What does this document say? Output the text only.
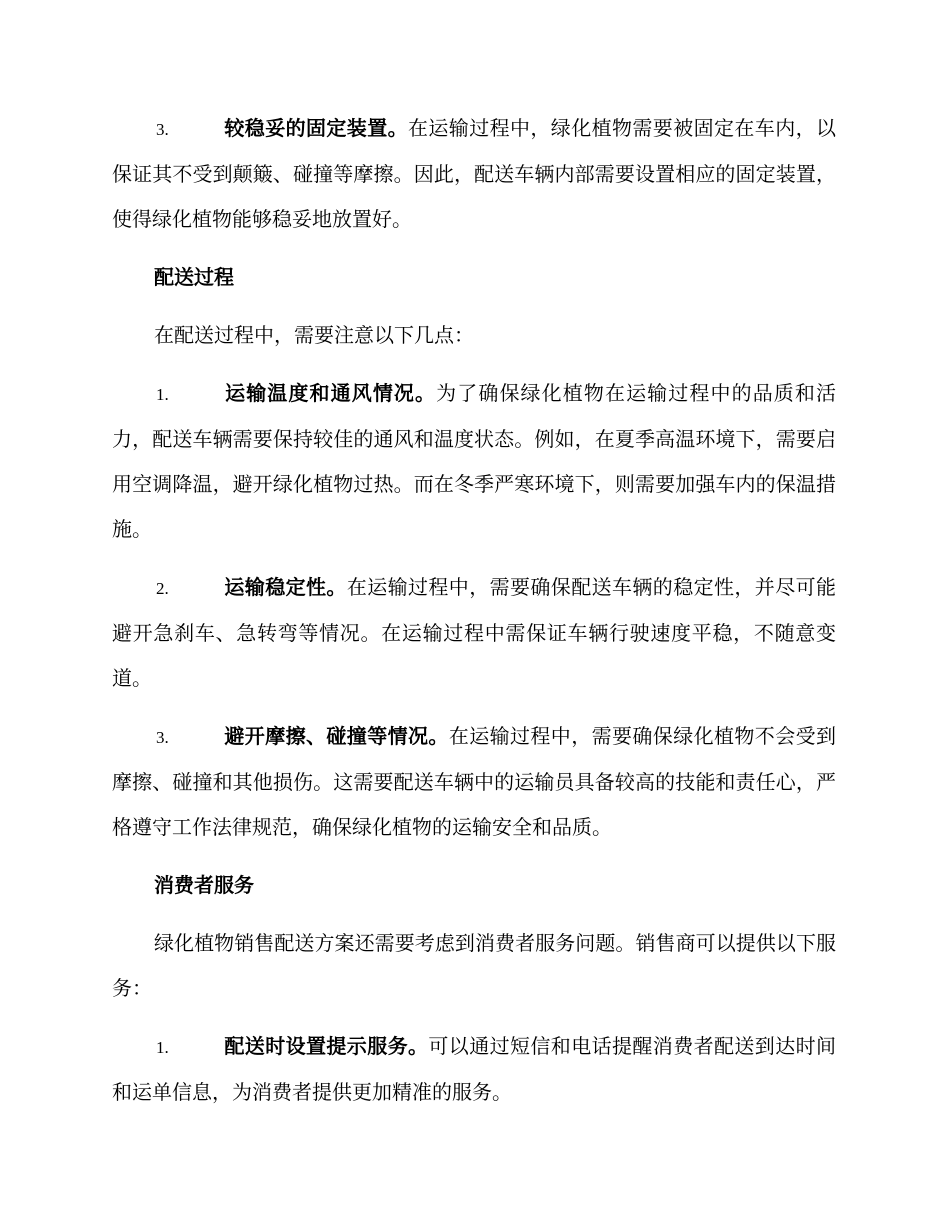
3.	较稳妥的固定装置。在运输过程中，绿化植物需要被固定在车内，以保证其不受到颠簸、碰撞等摩擦。因此，配送车辆内部需要设置相应的固定装置，使得绿化植物能够稳妥地放置好。
配送过程
在配送过程中，需要注意以下几点：
1.	运输温度和通风情况。为了确保绿化植物在运输过程中的品质和活力，配送车辆需要保持较佳的通风和温度状态。例如，在夏季高温环境下，需要启用空调降温，避开绿化植物过热。而在冬季严寒环境下，则需要加强车内的保温措施。
2.	运输稳定性。在运输过程中，需要确保配送车辆的稳定性，并尽可能避开急刹车、急转弯等情况。在运输过程中需保证车辆行驶速度平稳，不随意变道。
3.	避开摩擦、碰撞等情况。在运输过程中，需要确保绿化植物不会受到摩擦、碰撞和其他损伤。这需要配送车辆中的运输员具备较高的技能和责任心，严格遵守工作法律规范，确保绿化植物的运输安全和品质。
消费者服务
绿化植物销售配送方案还需要考虑到消费者服务问题。销售商可以提供以下服务：
1.	配送时设置提示服务。可以通过短信和电话提醒消费者配送到达时间和运单信息，为消费者提供更加精准的服务。
